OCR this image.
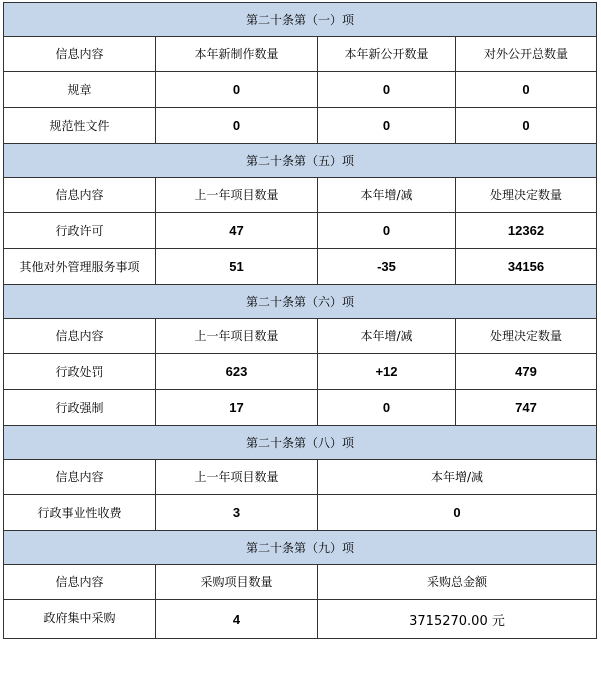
第二十条第（一）项			
信息内容	本年新制作数量	本年新公开数量	对外公开总数量
规章	0	0	0
规范性文件	0	0	0
第二十条第（五）项			
信息内容	上一年项目数量	本年增/减	处理决定数量
行政许可	47	0	12362
其他对外管理服务事项	51	-35	34156
第二十条第（六）项			
信息内容	上一年项目数量	本年增/减	处理决定数量
行政处罚	623	+12	479
行政强制	17	0	747
第二十条第（八）项			
信息内容	上一年项目数量	本年增/减	
行政事业性收费	3	0	
第二十条第（九）项			
信息内容	采购项目数量	采购总金额	
政府集中采购	4	3715270.00 元	
